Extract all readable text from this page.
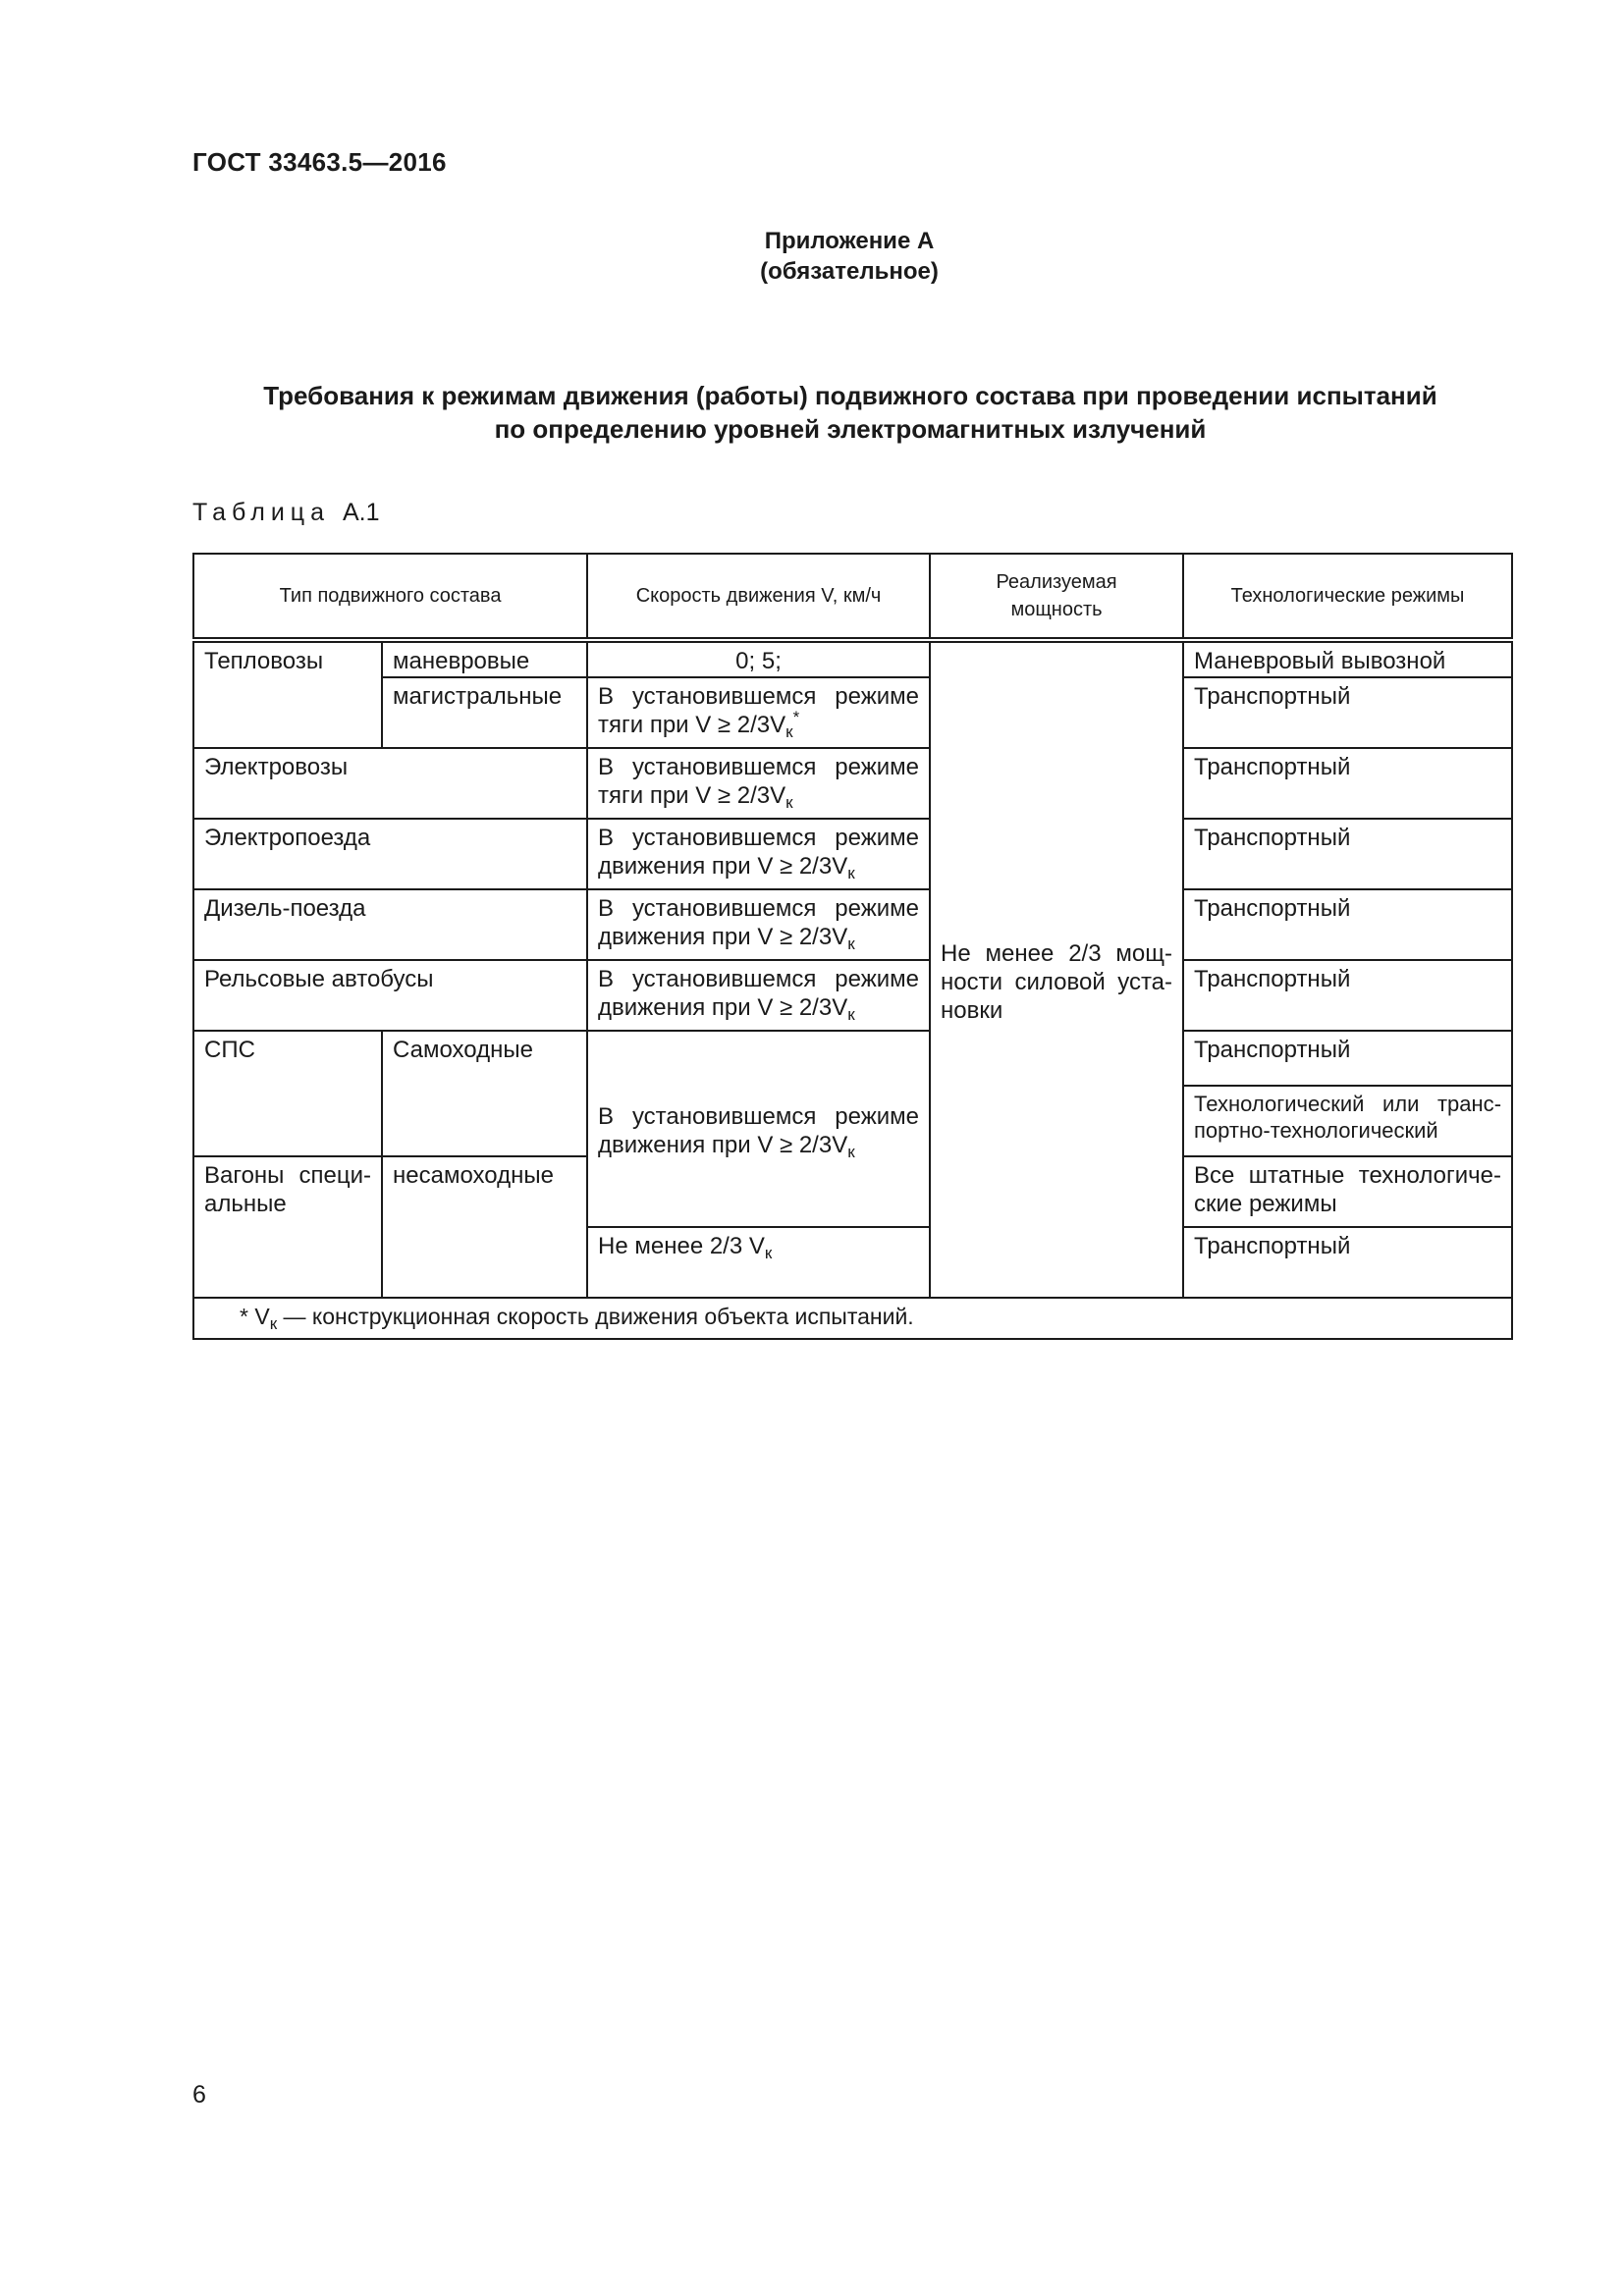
ГОСТ 33463.5—2016
Приложение А
(обязательное)
Требования к режимам движения (работы) подвижного состава при проведении испытаний
по определению уровней электромагнитных излучений
Таблица А.1
Тип подвижного состава		Скорость движения V, км/ч	Реализуемая мощность	Технологические режимы
Тепловозы	маневровые	0; 5;	Не менее 2/3 мощности силовой установки	Маневровый вывозной
	магистральные	В установившемся режиме тяги при $V \ge 2/3V_к^*$		Транспортный
Электровозы		В установившемся режиме тяги при $V \ge 2/3V_к$		Транспортный
Электропоезда		В установившемся режиме движения при $V \ge 2/3V_к$		Транспортный
Дизель-поезда		В установившемся режиме движения при $V \ge 2/3V_к$		Транспортный
Рельсовые автобусы		В установившемся режиме движения при $V \ge 2/3V_к$		Транспортный
СПС	Самоходные	В установившемся режиме движения при $V \ge 2/3V_к$		Транспортный
				Технологический или транспортно-технологический

Вагоны специальные	несамоходные			Все штатные технологические режимы
		Не менее 2/3 $V_к$		Транспортный
* $V_к$ — конструкционная скорость движения объекта испытаний.				
6
